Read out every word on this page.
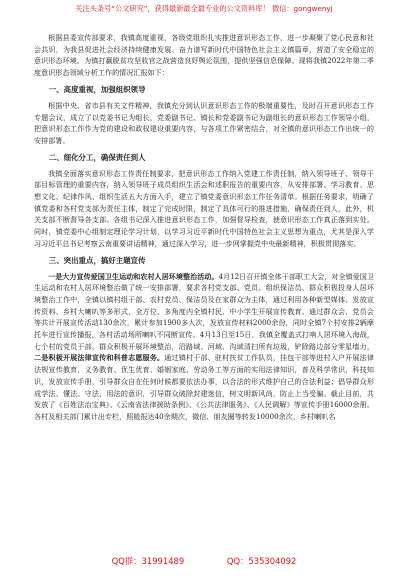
关注头条号“公文研究”，获得最新最全最专业的公文资料库！ 微信：gongwenyj

根据县委宣传部要求，我镇高度重视，各级党组织扎实推进意识形态工作，进一步凝聚了党心民意和社会共识，为我县促进社会经济持续健康发展、奋力谱写新时代中国特色社会主义镇篇章，营造了安全稳定的意识形态环境。为镇打赢脱贫攻坚收官之战营造良好舆论氛围，提供坚强信息保障。现将我镇2022年第二季度意识形态领域分析工作的情况汇报如下：

一、高度重视，加强组织领导

根据中央、省市县有关文件精神，我镇充分到认识意识形态工作的极端重要性，及时召开意识形态工作专题会议，成立了以党委书记为组长，党委副书记、镇长和党委副书记为副组长的意识形态工作领导小组，把意识形态工作作为党的建设和政权建设重要内容，与各项工作紧密结合，对全镇的意识形态工作出统一的安排部署。

二、细化分工，确保责任到人

我镇全面落实意识形态工作责任制要求，把意识形态工作纳入党建工作责任制，纳入领导班子、领导干部目标管理的重要内容，纳入领导班子成员组织生活会和述职报告的重要内容，从安排部署、学习教育、思想文化、纪律作风、组织生活五大方面入手，建立了镇党委意识形态工作任务清单。根据任务要求，明确了镇党委和各村党支部为责任主体，制定了完成时限，制定了具体可行的推进措施，确保责任到人，此外，机关支部不断督导各支部。各组书记深入推进意识形态工作，加强督导检查，使意识形态工作真正落到实处。同时，镇党委中心组制定理论学习计划，以学习习近平新时代中国特色社会主义思想为重点，尤其是深入学习习近平总书记考察云南重要讲话精神，通过深入学习，进一步网掌握党中央最新精神，积极贯彻落实。

三、突出重点，搞好主题宣传

一是大力宣传爱国卫生运动和农村人居环境整治活动。4月12日召开镇全体干部职工大会，对全镇爱国卫生运动和农村人居环境整治做了统一安排部署，要求各村党支部、党员、组织保洁员、群众积极投身人居环境整治工作中，全镇以镇村组干部、农村党员、保洁员及在家群众为主体，通过利用各种新型媒体、发放宣传资料、乡村大喇叭等多形式，全方位、多角度内全镇村民、中小学生开展宣传教育。通过群众会、党员会等共计开展宣传活动130余次，累计参加1900多人次，发放宣传材料2000余份，同时全镇7个村安排2辆摩托车进行宣传播报，各村活动场所喇叭不同断宣传。4月13日至15日，我镇全覆盖式打响人居环境入海战，七个村的党员干部、群众积极开展环境整治，沿路域、河域、沟域清扫所有垃圾，铲除路边部分零星墙力，二是积极开展法律宣传和科普志愿服务。通过镇村干部、驻村扶贫工作队员，挂包干部等进村入户开展法律法规宣传教育，义务教育、优生优育、婚姻家庭、劳动务工等方面的实用法律知识，普及科学常识，科技知识，发放宣传手册，引导群众自在任何时候都要依法办事，以合法的形式维护自己的合法利益；倡导群众形成学法、懂法、守法、用法的意识，引导群众破除封建迷信，树文明新风尚，防止上当受骗。截止目前，共发放了《百姓法治宝典》、《云南省法律援助条例》、《公共法律服务》、《人民调解》等宣传手册16000余册。各村及相关部门累计出专栏，照般报达40余期次，微信、朋友圈等转发10000余次，乡村喇叭名

QQ群：31991489	QQ：535304092
